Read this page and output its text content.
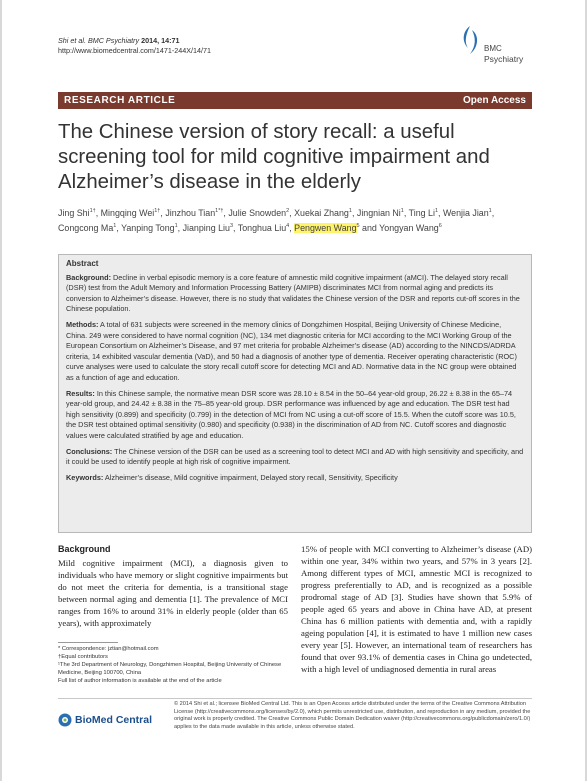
Shi et al. BMC Psychiatry 2014, 14:71
http://www.biomedcentral.com/1471-244X/14/71	BMC
Psychiatry
RESEARCH ARTICLE	Open Access
The Chinese version of story recall: a useful screening tool for mild cognitive impairment and Alzheimer’s disease in the elderly
Jing Shi$^{1\dagger}$, Mingqing Wei$^{1\dagger}$, Jinzhou Tian$^{1*\dagger}$, Julie Snowden$^2$, Xuekai Zhang$^1$, Jingnian Ni$^1$, Ting Li$^1$, Wenjia Jian$^1$, Congcong Ma$^1$, Yanping Tong$^1$, Jianping Liu$^3$, Tonghua Liu$^4$, Pengwen Wang$^5$ and Yongyan Wang$^6$
Abstract

Background: Decline in verbal episodic memory is a core feature of amnestic mild cognitive impairment (aMCI). The delayed story recall (DSR) test from the Adult Memory and Information Processing Battery (AMIPB) discriminates MCI from normal aging and predicts its conversion to Alzheimer’s disease. However, there is no study that validates the Chinese version of the DSR and reports cut-off scores in the Chinese population.

Methods: A total of 631 subjects were screened in the memory clinics of Dongzhimen Hospital, Beijing University of Chinese Medicine, China. 249 were considered to have normal cognition (NC), 134 met diagnostic criteria for MCI according to the MCI Working Group of the European Consortium on Alzheimer’s Disease, and 97 met criteria for probable Alzheimer’s disease (AD) according to the NINCDS/ADRDA criteria, 14 exhibited vascular dementia (VaD), and 50 had a diagnosis of another type of dementia. Receiver operating characteristic (ROC) curve analyses were used to calculate the story recall cutoff score for detecting MCI and AD. Normative data in the NC group were obtained as a function of age and education.

Results: In this Chinese sample, the normative mean DSR score was 28.10 ± 8.54 in the 50–64 year-old group, 26.22 ± 8.38 in the 65–74 year-old group, and 24.42 ± 8.38 in the 75–85 year-old group. DSR performance was influenced by age and education. The DSR test had high sensitivity (0.899) and specificity (0.799) in the detection of MCI from NC using a cut-off score of 15.5. When the cutoff score was 10.5, the DSR test obtained optimal sensitivity (0.980) and specificity (0.938) in the discrimination of AD from NC. Cutoff scores and diagnostic values were calculated stratified by age and education.

Conclusions: The Chinese version of the DSR can be used as a screening tool to detect MCI and AD with high sensitivity and specificity, and it could be used to identify people at high risk of cognitive impairment.

Keywords: Alzheimer’s disease, Mild cognitive impairment, Delayed story recall, Sensitivity, Specificity

Background
Mild cognitive impairment (MCI), a diagnosis given to individuals who have memory or slight cognitive impairments but do not meet the criteria for dementia, is a transitional stage between normal aging and dementia [1]. The prevalence of MCI ranges from 16% to around 31% in elderly people (older than 65 years), with approximately
15% of people with MCI converting to Alzheimer’s disease (AD) within one year, 34% within two years, and 57% in 3 years [2]. Among different types of MCI, amnestic MCI is recognized to progress preferentially to AD, and is recognized as a possible prodromal stage of AD [3]. Studies have shown that 5.9% of people aged 65 years and above in China have AD, at present China has 6 million patients with dementia and, with a rapidly ageing population [4], it is estimated to have 1 million new cases every year [5]. However, an international team of researchers has found that over 93.1% of dementia cases in China go undetected, with a high level of undiagnosed dementia in rural areas
* Correspondence: jztian@hotmail.com
†Equal contributors
¹The 3rd Department of Neurology, Dongzhimen Hospital, Beijing University of Chinese Medicine, Beijing 100700, China
Full list of author information is available at the end of the article
BioMed Central
© 2014 Shi et al.; licensee BioMed Central Ltd. This is an Open Access article distributed under the terms of the Creative Commons Attribution License (http://creativecommons.org/licenses/by/2.0), which permits unrestricted use, distribution, and reproduction in any medium, provided the original work is properly credited. The Creative Commons Public Domain Dedication waiver (http://creativecommons.org/publicdomain/zero/1.0/) applies to the data made available in this article, unless otherwise stated.
